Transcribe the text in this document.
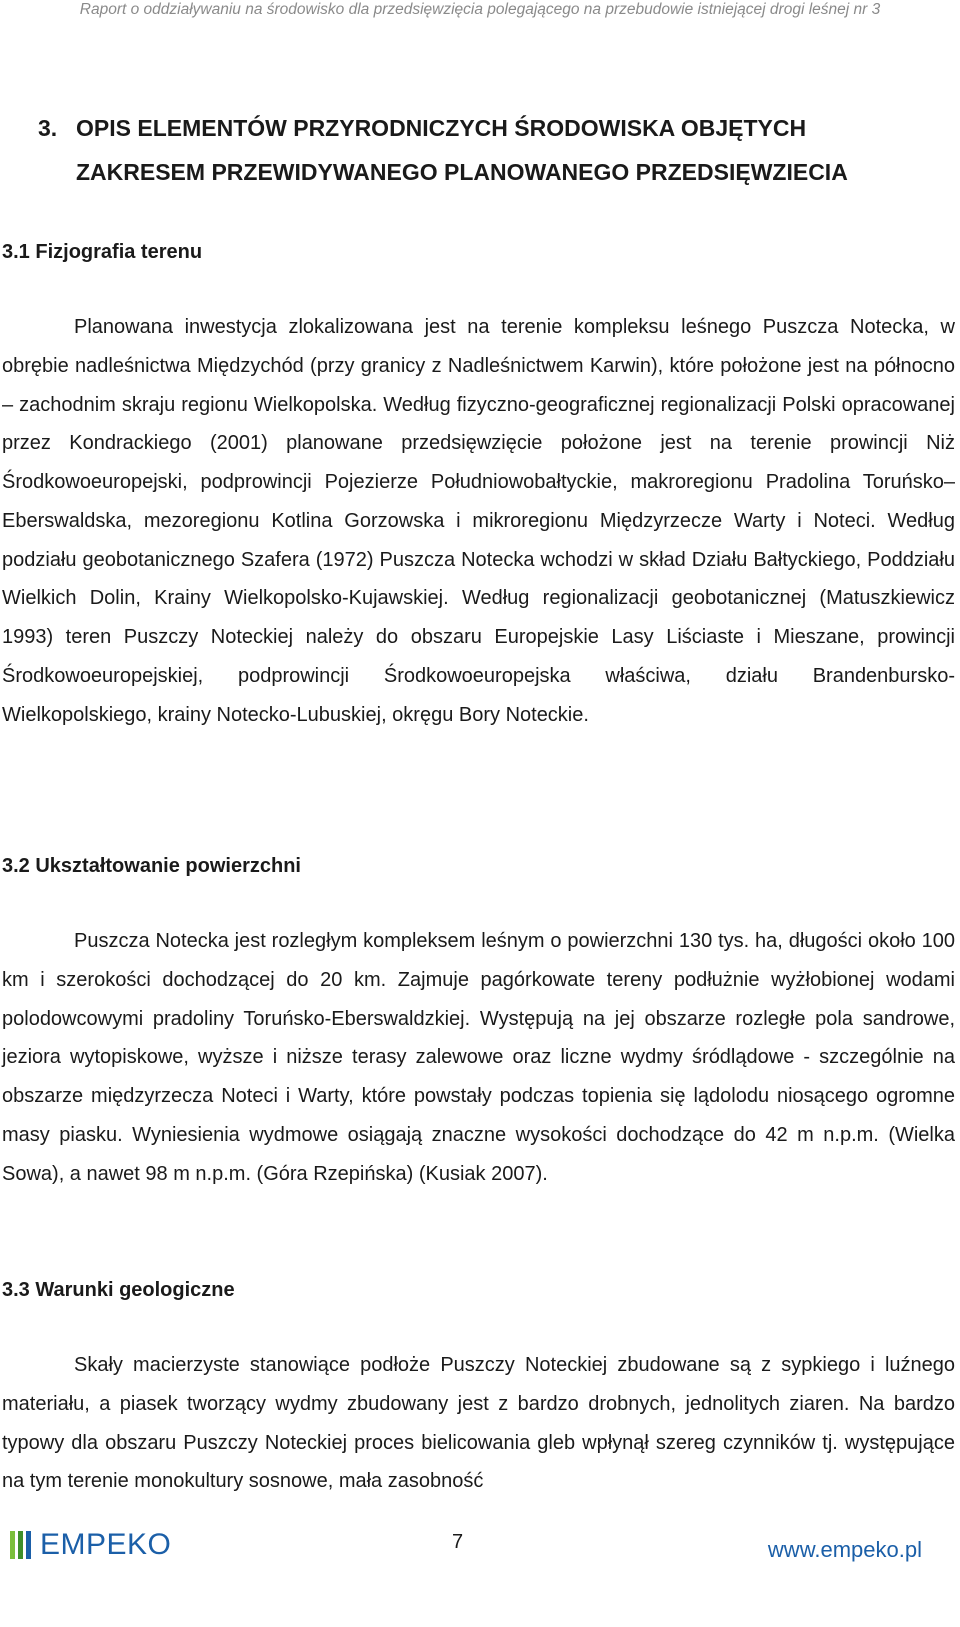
Raport o oddziaływaniu na środowisko dla przedsięwzięcia polegającego na przebudowie istniejącej drogi leśnej nr 3
3. OPIS ELEMENTÓW PRZYRODNICZYCH ŚRODOWISKA OBJĘTYCH
ZAKRESEM PRZEWIDYWANEGO PLANOWANEGO PRZEDSIĘWZIECIA
3.1 Fizjografia terenu

Planowana inwestycja zlokalizowana jest na terenie kompleksu leśnego Puszcza Notecka, w obrębie nadleśnictwa Międzychód (przy granicy z Nadleśnictwem Karwin), które położone jest na północno – zachodnim skraju regionu Wielkopolska. Według fizyczno-geograficznej regionalizacji Polski opracowanej przez Kondrackiego (2001) planowane przedsięwzięcie położone jest na terenie prowincji Niż Środkowoeuropejski, podprowincji Pojezierze Południowobałtyckie, makroregionu Pradolina Toruńsko–Eberswaldska, mezoregionu Kotlina Gorzowska i mikroregionu Międzyrzecze Warty i Noteci. Według podziału geobotanicznego Szafera (1972) Puszcza Notecka wchodzi w skład Działu Bałtyckiego, Poddziału Wielkich Dolin, Krainy Wielkopolsko-Kujawskiej. Według regionalizacji geobotanicznej (Matuszkiewicz 1993) teren Puszczy Noteckiej należy do obszaru Europejskie Lasy Liściaste i Mieszane, prowincji Środkowoeuropejskiej, podprowincji Środkowoeuropejska właściwa, działu Brandenbursko-Wielkopolskiego, krainy Notecko-Lubuskiej, okręgu Bory Noteckie.

3.2 Ukształtowanie powierzchni

Puszcza Notecka jest rozległym kompleksem leśnym o powierzchni 130 tys. ha, długości około 100 km i szerokości dochodzącej do 20 km. Zajmuje pagórkowate tereny podłużnie wyżłobionej wodami polodowcowymi pradoliny Toruńsko-Eberswaldzkiej. Występują na jej obszarze rozległe pola sandrowe, jeziora wytopiskowe, wyższe i niższe terasy zalewowe oraz liczne wydmy śródlądowe - szczególnie na obszarze międzyrzecza Noteci i Warty, które powstały podczas topienia się lądolodu niosącego ogromne masy piasku. Wyniesienia wydmowe osiągają znaczne wysokości dochodzące do 42 m n.p.m. (Wielka Sowa), a nawet 98 m n.p.m. (Góra Rzepińska) (Kusiak 2007).

3.3 Warunki geologiczne

Skały macierzyste stanowiące podłoże Puszczy Noteckiej zbudowane są z sypkiego i luźnego materiału, a piasek tworzący wydmy zbudowany jest z bardzo drobnych, jednolitych ziaren. Na bardzo typowy dla obszaru Puszczy Noteckiej proces bielicowania gleb wpłynął szereg czynników tj. występujące na tym terenie monokultury sosnowe, mała zasobność

EMPEKO	7	www.empeko.pl
